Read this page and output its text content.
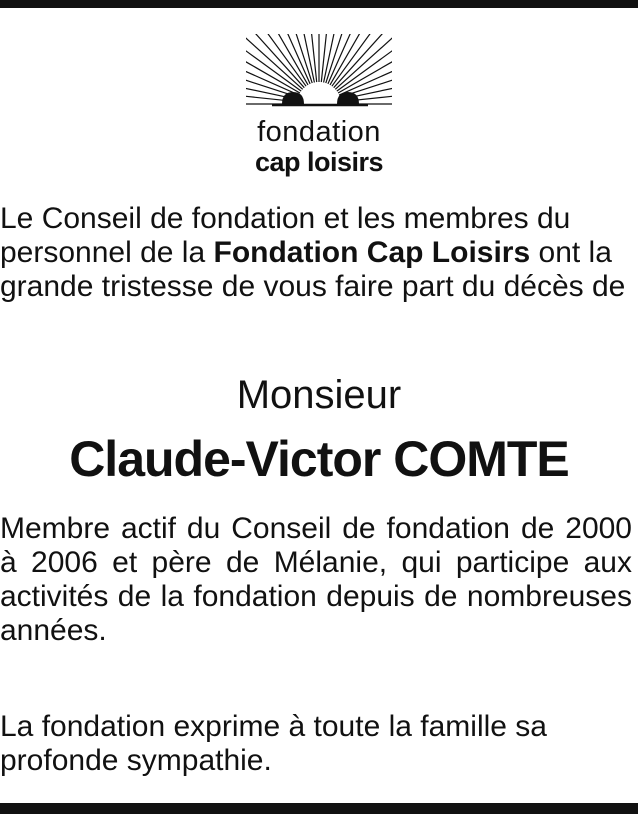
fondation
cap loisirs

Le Conseil de fondation et les membres du personnel de la Fondation Cap Loisirs ont la grande tristesse de vous faire part du décès de

Monsieur
Claude-Victor COMTE

Membre actif du Conseil de fondation de 2000 à 2006 et père de Mélanie, qui participe aux activités de la fondation depuis de nombreuses années.

La fondation exprime à toute la famille sa profonde sympathie.
